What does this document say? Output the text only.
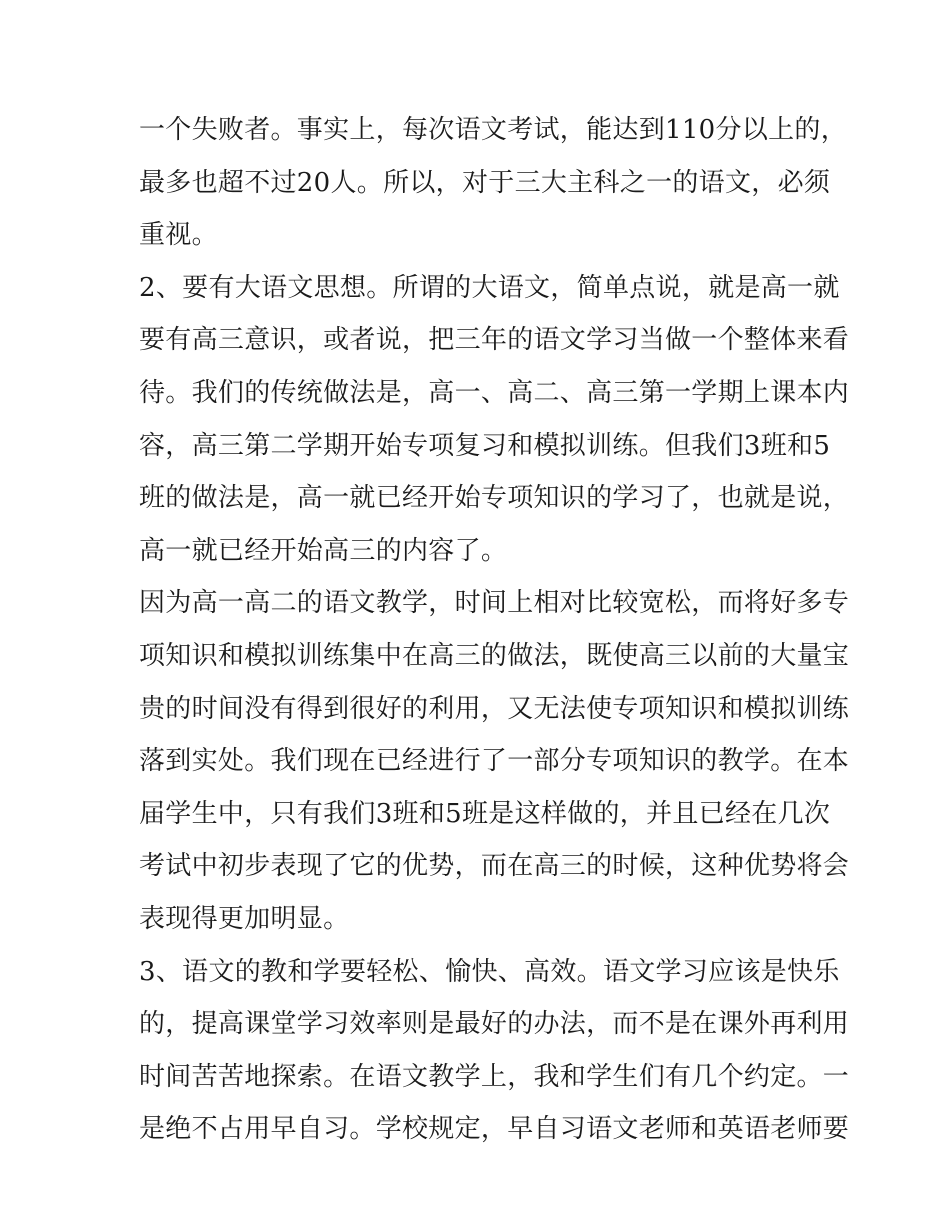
一个失败者。事实上，每次语文考试，能达到110分以上的，
最多也超不过20人。所以，对于三大主科之一的语文，必须
重视。
2、要有大语文思想。所谓的大语文，简单点说，就是高一就
要有高三意识，或者说，把三年的语文学习当做一个整体来看
待。我们的传统做法是，高一、高二、高三第一学期上课本内
容，高三第二学期开始专项复习和模拟训练。但我们3班和5
班的做法是，高一就已经开始专项知识的学习了，也就是说，
高一就已经开始高三的内容了。
因为高一高二的语文教学，时间上相对比较宽松，而将好多专
项知识和模拟训练集中在高三的做法，既使高三以前的大量宝
贵的时间没有得到很好的利用，又无法使专项知识和模拟训练
落到实处。我们现在已经进行了一部分专项知识的教学。在本
届学生中，只有我们3班和5班是这样做的，并且已经在几次
考试中初步表现了它的优势，而在高三的时候，这种优势将会
表现得更加明显。
3、语文的教和学要轻松、愉快、高效。语文学习应该是快乐
的，提高课堂学习效率则是最好的办法，而不是在课外再利用
时间苦苦地探索。在语文教学上，我和学生们有几个约定。一
是绝不占用早自习。学校规定，早自习语文老师和英语老师要
